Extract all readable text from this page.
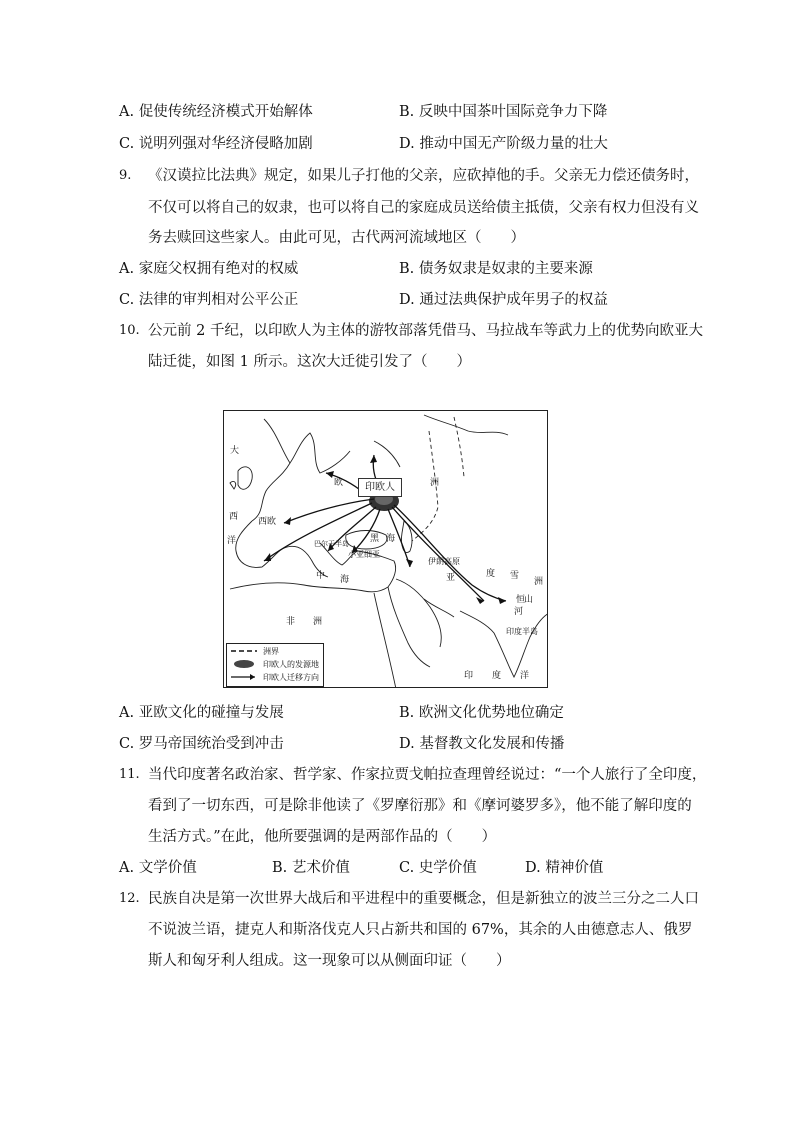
A. 促使传统经济模式开始解体	B. 反映中国茶叶国际竞争力下降
C. 说明列强对华经济侵略加剧	D. 推动中国无产阶级力量的壮大
9. 《汉谟拉比法典》规定，如果儿子打他的父亲，应砍掉他的手。父亲无力偿还债务时，
不仅可以将自己的奴隶，也可以将自己的家庭成员送给债主抵债，父亲有权力但没有义
务去赎回这些家人。由此可见，古代两河流域地区（　　）
A. 家庭父权拥有绝对的权威	B. 债务奴隶是奴隶的主要来源
C. 法律的审判相对公平公正	D. 通过法典保护成年男子的权益
10. 公元前 2 千纪，以印欧人为主体的游牧部落凭借马、马拉战车等武力上的优势向欧亚大
陆迁徙，如图 1 所示。这次大迁徙引发了（　　）
印欧人
大
西
洋
欧
西欧
洲
巴尔干半岛 黑 海
小亚细亚
中 海
非　　洲
伊朗高原
亚
印 度 洋
印度半岛
洲
雪
山
河
度
恒
洲界
印欧人的发源地
印欧人迁移方向
A. 亚欧文化的碰撞与发展	B. 欧洲文化优势地位确定
C. 罗马帝国统治受到冲击	D. 基督教文化发展和传播
11. 当代印度著名政治家、哲学家、作家拉贾戈帕拉查理曾经说过：“一个人旅行了全印度，
看到了一切东西，可是除非他读了《罗摩衍那》和《摩诃婆罗多》，他不能了解印度的
生活方式。”在此，他所要强调的是两部作品的（　　）
A. 文学价值	B. 艺术价值	C. 史学价值	D. 精神价值
12. 民族自决是第一次世界大战后和平进程中的重要概念，但是新独立的波兰三分之二人口
不说波兰语，捷克人和斯洛伐克人只占新共和国的 67%，其余的人由德意志人、俄罗
斯人和匈牙利人组成。这一现象可以从侧面印证（　　）
